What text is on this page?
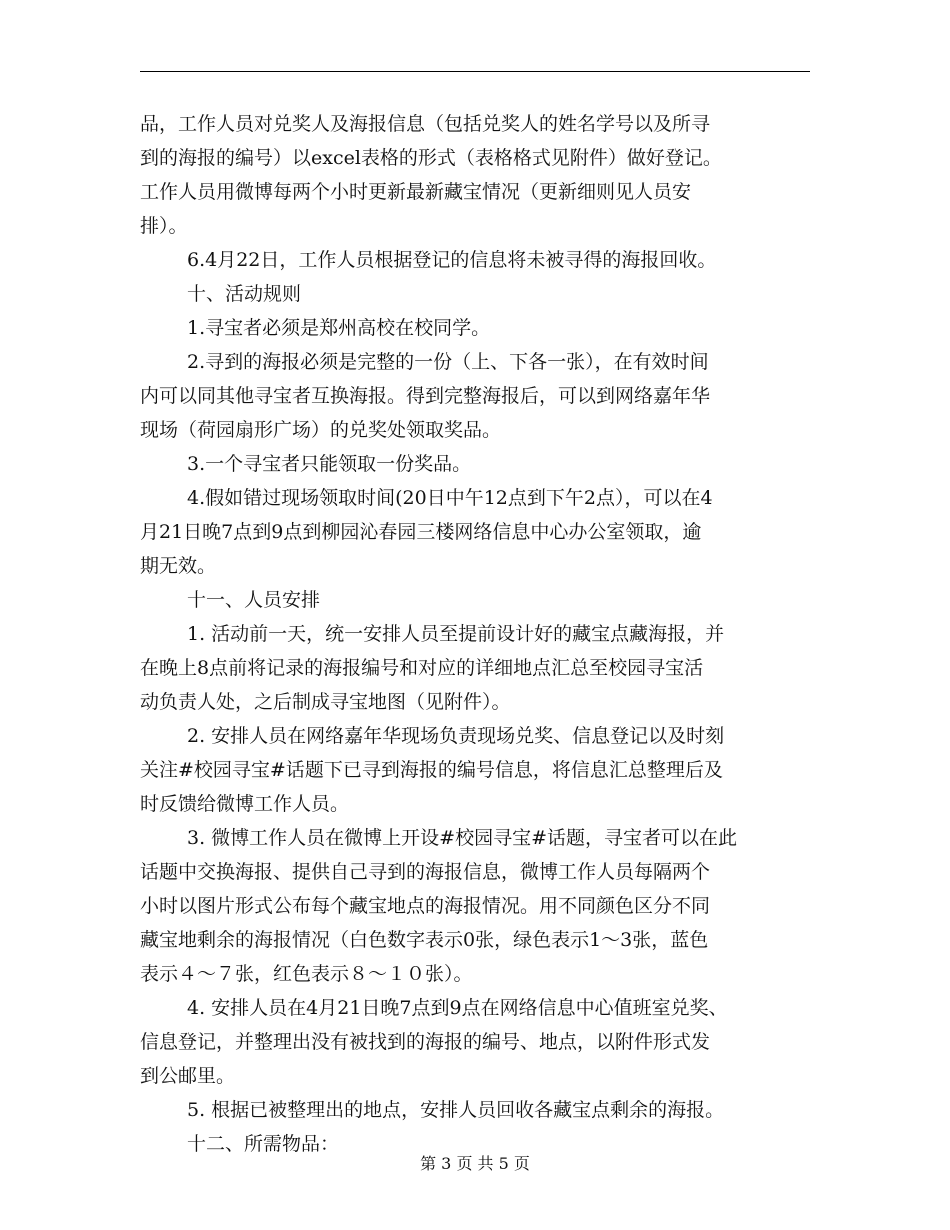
品，工作人员对兑奖人及海报信息（包括兑奖人的姓名学号以及所寻
到的海报的编号）以excel表格的形式（表格格式见附件）做好登记。
工作人员用微博每两个小时更新最新藏宝情况（更新细则见人员安
排）。
6.4月22日，工作人员根据登记的信息将未被寻得的海报回收。
十、活动规则
1.寻宝者必须是郑州高校在校同学。
2.寻到的海报必须是完整的一份（上、下各一张），在有效时间
内可以同其他寻宝者互换海报。得到完整海报后，可以到网络嘉年华
现场（荷园扇形广场）的兑奖处领取奖品。
3.一个寻宝者只能领取一份奖品。
4.假如错过现场领取时间(20日中午12点到下午2点），可以在4
月21日晚7点到9点到柳园沁春园三楼网络信息中心办公室领取，逾
期无效。
十一、人员安排
1. 活动前一天，统一安排人员至提前设计好的藏宝点藏海报，并
在晚上8点前将记录的海报编号和对应的详细地点汇总至校园寻宝活
动负责人处，之后制成寻宝地图（见附件）。
2. 安排人员在网络嘉年华现场负责现场兑奖、信息登记以及时刻
关注#校园寻宝#话题下已寻到海报的编号信息，将信息汇总整理后及
时反馈给微博工作人员。
3. 微博工作人员在微博上开设#校园寻宝#话题，寻宝者可以在此
话题中交换海报、提供自己寻到的海报信息，微博工作人员每隔两个
小时以图片形式公布每个藏宝地点的海报情况。用不同颜色区分不同
藏宝地剩余的海报情况（白色数字表示0张，绿色表示1～3张，蓝色
表示４～７张，红色表示８～１０张）。
4. 安排人员在4月21日晚7点到9点在网络信息中心值班室兑奖、
信息登记，并整理出没有被找到的海报的编号、地点，以附件形式发
到公邮里。
5. 根据已被整理出的地点，安排人员回收各藏宝点剩余的海报。
十二、所需物品：
第 3 页 共 5 页
